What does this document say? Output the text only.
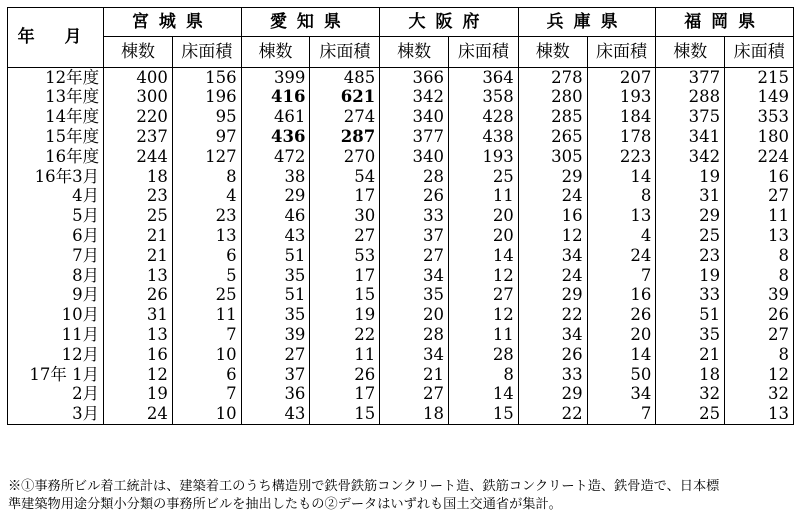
年 月	宮城県		愛知県		大阪府		兵庫県		福岡県	
	棟数	床面積	棟数	床面積	棟数	床面積	棟数	床面積	棟数	床面積
12年度	400	156	399	485	366	364	278	207	377	215
13年度	300	196	416	621	342	358	280	193	288	149
14年度	220	95	461	274	340	428	285	184	375	353
15年度	237	97	436	287	377	438	265	178	341	180
16年度	244	127	472	270	340	193	305	223	342	224
16年3月	18	8	38	54	28	25	29	14	19	16
4月	23	4	29	17	26	11	24	8	31	27
5月	25	23	46	30	33	20	16	13	29	11
6月	21	13	43	27	37	20	12	4	25	13
7月	21	6	51	53	27	14	34	24	23	8
8月	13	5	35	17	34	12	24	7	19	8
9月	26	25	51	15	35	27	29	16	33	39
10月	31	11	35	19	20	12	22	26	51	26
11月	13	7	39	22	28	11	34	20	35	27
12月	16	10	27	11	34	28	26	14	21	8
17年 1月	12	6	37	26	21	8	33	50	18	12
2月	19	7	36	17	27	14	29	34	32	32
3月	24	10	43	15	18	15	22	7	25	13
※①事務所ビル着工統計は、建築着工のうち構造別で鉄骨鉄筋コンクリート造、鉄筋コンクリート造、鉄骨造で、日本標
準建築物用途分類小分類の事務所ビルを抽出したもの②データはいずれも国土交通省が集計。
